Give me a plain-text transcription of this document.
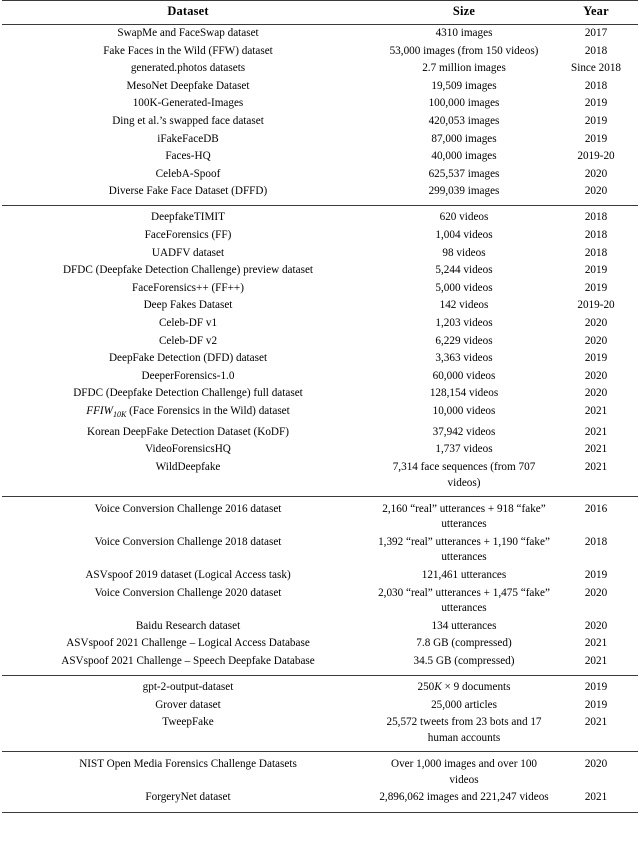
Dataset	Size	Year
SwapMe and FaceSwap dataset	4310 images	2017
Fake Faces in the Wild (FFW) dataset	53,000 images (from 150 videos)	2018
generated.photos datasets	2.7 million images	Since 2018
MesoNet Deepfake Dataset	19,509 images	2018
100K-Generated-Images	100,000 images	2019
Ding et al.’s swapped face dataset	420,053 images	2019
iFakeFaceDB	87,000 images	2019
Faces-HQ	40,000 images	2019-20
CelebA-Spoof	625,537 images	2020
Diverse Fake Face Dataset (DFFD)	299,039 images	2020
DeepfakeTIMIT	620 videos	2018
FaceForensics (FF)	1,004 videos	2018
UADFV dataset	98 videos	2018
DFDC (Deepfake Detection Challenge) preview dataset	5,244 videos	2019
FaceForensics++ (FF++)	5,000 videos	2019
Deep Fakes Dataset	142 videos	2019-20
Celeb-DF v1	1,203 videos	2020
Celeb-DF v2	6,229 videos	2020
DeepFake Detection (DFD) dataset	3,363 videos	2019
DeeperForensics-1.0	60,000 videos	2020
DFDC (Deepfake Detection Challenge) full dataset	128,154 videos	2020
$FFIW_{10K}$ (Face Forensics in the Wild) dataset	10,000 videos	2021
Korean DeepFake Detection Dataset (KoDF)	37,942 videos	2021
VideoForensicsHQ	1,737 videos	2021
WildDeepfake	7,314 face sequences (from 707 videos)	2021
Voice Conversion Challenge 2016 dataset	2,160 “real” utterances + 918 “fake” utterances	2016
Voice Conversion Challenge 2018 dataset	1,392 “real” utterances + 1,190 “fake” utterances	2018
ASVspoof 2019 dataset (Logical Access task)	121,461 utterances	2019
Voice Conversion Challenge 2020 dataset	2,030 “real” utterances + 1,475 “fake” utterances	2020
Baidu Research dataset	134 utterances	2020
ASVspoof 2021 Challenge – Logical Access Database	7.8 GB (compressed)	2021
ASVspoof 2021 Challenge – Speech Deepfake Database	34.5 GB (compressed)	2021
gpt-2-output-dataset	250K × 9 documents	2019
Grover dataset	25,000 articles	2019
TweepFake	25,572 tweets from 23 bots and 17 human accounts	2021
NIST Open Media Forensics Challenge Datasets	Over 1,000 images and over 100 videos	2020
ForgeryNet dataset	2,896,062 images and 221,247 videos	2021
